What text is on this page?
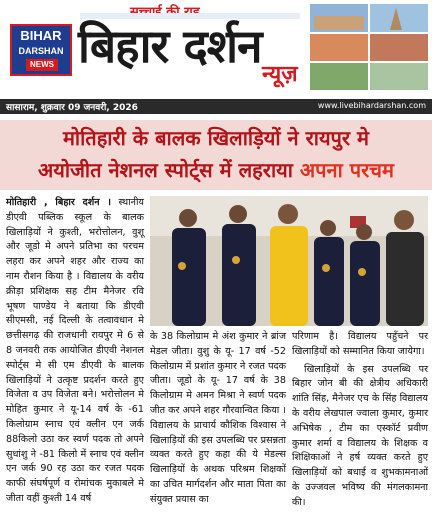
BIHAR
DARSHAN
NEWS बिहार दर्शन
न्यूज़
सासाराम, शुक्रवार 09 जनवरी, 2026	www.livebihardarshan.com
मोतिहारी के बालक खिलाड़ियों ने रायपुर मे
अयोजीत नेशनल स्पोर्ट्स में लहराया अपना परचम
मोतिहारी , बिहार दर्शन । स्थानीय डीएवी पब्लिक स्कूल के बालक खिलाड़ियों ने कुश्ती, भरोत्तोलन, वुशू और जूडो मे अपने प्रतिभा का परचम लहरा कर अपने शहर और राज्य का नाम रौशन किया है । विद्यालय के वरीय क्रीड़ा प्रशिक्षक सह टीम मैनेजर रवि भूषण पाण्डेय ने बताया कि डीएवी सीएमसी, नई दिल्ली के तत्वावधान मे छत्तीसगढ़ की राजधानी रायपुर मे 6 से 8 जनवरी तक आयोजित डीएवी नेशनल स्पोर्ट्स मे सी एम डीएवी के बालक खिलाड़ियों ने उत्कृष्ट प्रदर्शन करते हुए विजेता व उप विजेता बने। भरोत्तोलन मे मोहित कुमार ने यू-14 वर्ष के -61 किलोग्राम स्नाच एवं क्लीन एन जर्क 88किलो उठा कर स्वर्ण पदक तो अपने सुधांशु ने -81 किलो में स्नाच एवं क्लीन एन जर्क 90 रह उठा कर रजत पदक काफी संघर्षपूर्ण व रोमांचक मुकाबले मे जीता वहीं कुश्ती 14 वर्ष
के 38 किलोग्राम मे अंश कुमार ने ब्रांज मेडल जीता। वुशु के यू- 17 वर्ष -52 किलोग्राम में प्रशांत कुमार ने रजत पदक जीता। जूडो के यू- 17 वर्ष के 38 किलोग्राम मे अमन मिश्रा ने स्वर्ण पदक जीत कर अपने शहर गौरवान्वित किया । विद्यालय के प्राचार्य कौशिक विश्वास ने खिलाड़ियों की इस उपलब्धि पर प्रसन्नता व्यक्त करते हुए कहा की ये मेडल्स खिलाड़ियों के अथक परिश्रम शिक्षकों का उचित मार्गदर्शन और माता पिता का संयुक्त प्रयास का
परिणाम है। विद्यालय पहुँचने पर खिलाड़ियों को सम्मानित किया जायेगा।
खिलाड़ियों के इस उपलब्धि पर बिहार जोन बी की क्षेत्रीय अधिकारी शांति सिंह, मैनेजर एच के सिंह विद्यालय के वरीय लेखपाल ज्वाला कुमार, कुमार अभिषेक , टीम का एस्कॉर्ट प्रवीण कुमार शर्मा व विद्यालय के शिक्षक व शिक्षिकाओं ने हर्ष व्यक्त करते हुए खिलाड़ियों को बधाई व शुभकामनाओं के उज्जवल भविष्य की मंगलकामना की।
